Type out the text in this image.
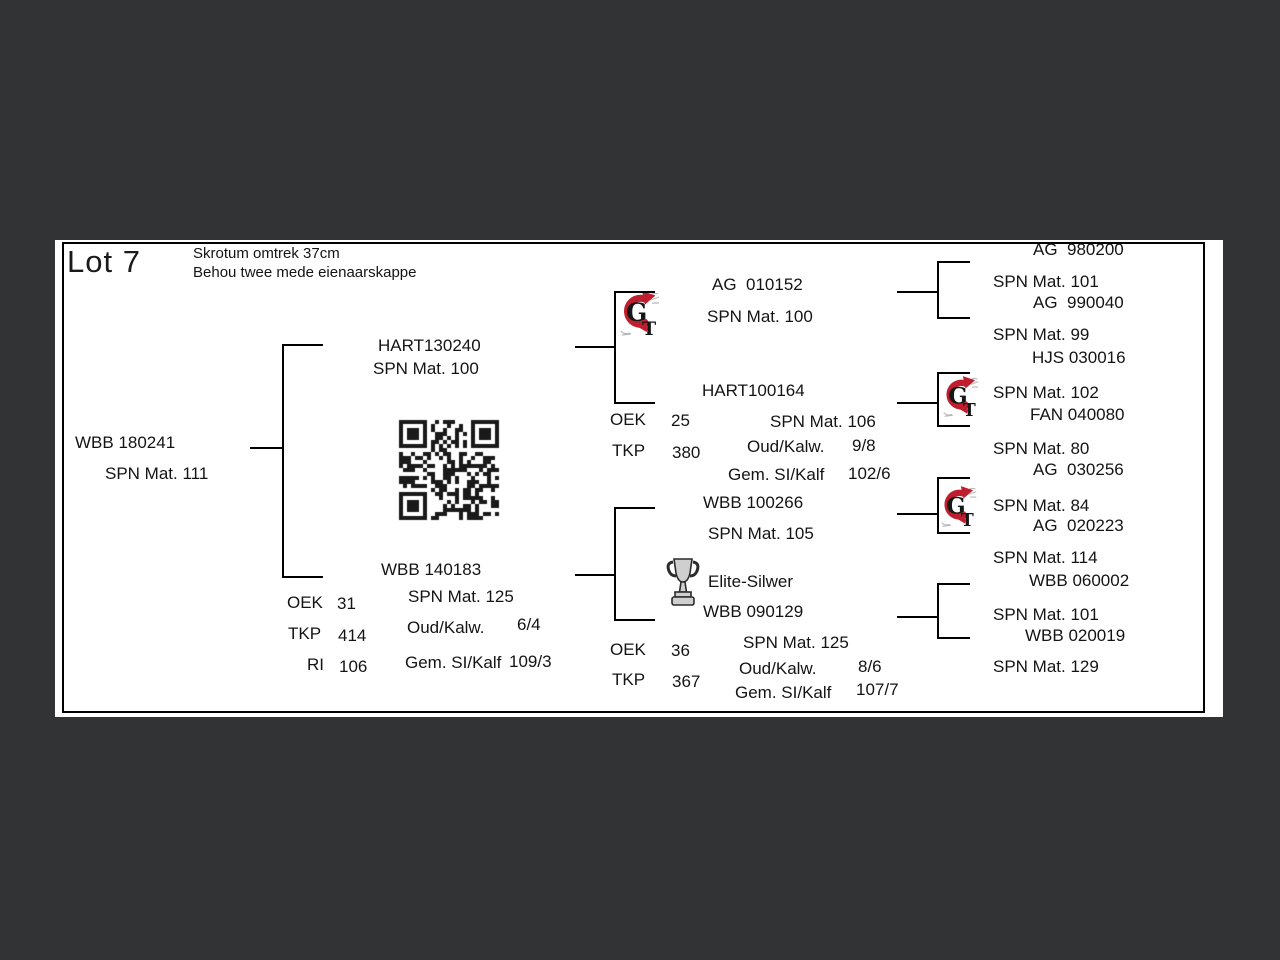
Lot 7	Skrotum omtrek 37cm
Behou twee mede eienaarskappe
WBB 180241
SPN Mat. 111
HART130240
SPN Mat. 100
WBB 140183
OEK 31
TKP 414
RI 106
SPN Mat. 125
Oud/Kalw. 6/4
Gem. SI/Kalf 109/3
G
T
AG  010152
SPN Mat. 100
HART100164
OEK 25
TKP 380
SPN Mat. 106
Oud/Kalw. 9/8
Gem. SI/Kalf 102/6
WBB 100266
SPN Mat. 105
Elite-Silwer
WBB 090129
OEK 36
TKP 367
SPN Mat. 125
Oud/Kalw. 8/6
Gem. SI/Kalf 107/7
AG  980200
SPN Mat. 101
AG  990040
SPN Mat. 99
HJS 030016
G
T
SPN Mat. 102
FAN 040080
SPN Mat. 80
AG  030256
G
T
SPN Mat. 84
AG  020223
SPN Mat. 114
WBB 060002
SPN Mat. 101
WBB 020019
SPN Mat. 129
